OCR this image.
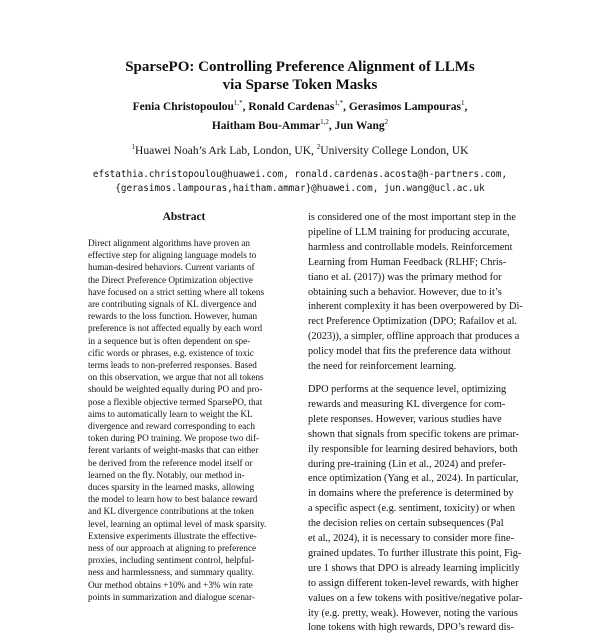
SparsePO: Controlling Preference Alignment of LLMs
via Sparse Token Masks
Fenia Christopoulou$^{1,*}$, Ronald Cardenas$^{1,*}$, Gerasimos Lampouras$^1$,
Haitham Bou-Ammar$^{1,2}$, Jun Wang$^2$
$^1$Huawei Noah’s Ark Lab, London, UK, $^2$University College London, UK
efstathia.christopoulou@huawei.com, ronald.cardenas.acosta@h-partners.com,
{gerasimos.lampouras,haitham.ammar}@huawei.com, jun.wang@ucl.ac.uk
Abstract
Direct alignment algorithms have proven an
effective step for aligning language models to
human-desired behaviors. Current variants of
the Direct Preference Optimization objective
have focused on a strict setting where all tokens
are contributing signals of KL divergence and
rewards to the loss function. However, human
preference is not affected equally by each word
in a sequence but is often dependent on spe-
cific words or phrases, e.g. existence of toxic
terms leads to non-preferred responses. Based
on this observation, we argue that not all tokens
should be weighted equally during PO and pro-
pose a flexible objective termed SparsePO, that
aims to automatically learn to weight the KL
divergence and reward corresponding to each
token during PO training. We propose two dif-
ferent variants of weight-masks that can either
be derived from the reference model itself or
learned on the fly. Notably, our method in-
duces sparsity in the learned masks, allowing
the model to learn how to best balance reward
and KL divergence contributions at the token
level, learning an optimal level of mask sparsity.
Extensive experiments illustrate the effective-
ness of our approach at aligning to preference
proxies, including sentiment control, helpful-
ness and harmlessness, and summary quality.
Our method obtains +10% and +3% win rate
points in summarization and dialogue scenar-
is considered one of the most important step in the
pipeline of LLM training for producing accurate,
harmless and controllable models. Reinforcement
Learning from Human Feedback (RLHF; Chris-
tiano et al. (2017)) was the primary method for
obtaining such a behavior. However, due to it’s
inherent complexity it has been overpowered by Di-
rect Preference Optimization (DPO; Rafailov et al.
(2023)), a simpler, offline approach that produces a
policy model that fits the preference data without
the need for reinforcement learning.
DPO performs at the sequence level, optimizing
rewards and measuring KL divergence for com-
plete responses. However, various studies have
shown that signals from specific tokens are primar-
ily responsible for learning desired behaviors, both
during pre-training (Lin et al., 2024) and prefer-
ence optimization (Yang et al., 2024). In particular,
in domains where the preference is determined by
a specific aspect (e.g. sentiment, toxicity) or when
the decision relies on certain subsequences (Pal
et al., 2024), it is necessary to consider more fine-
grained updates. To further illustrate this point, Fig-
ure 1 shows that DPO is already learning implicitly
to assign different token-level rewards, with higher
values on a few tokens with positive/negative polar-
ity (e.g. pretty, weak). However, noting the various
lone tokens with high rewards, DPO’s reward dis-
